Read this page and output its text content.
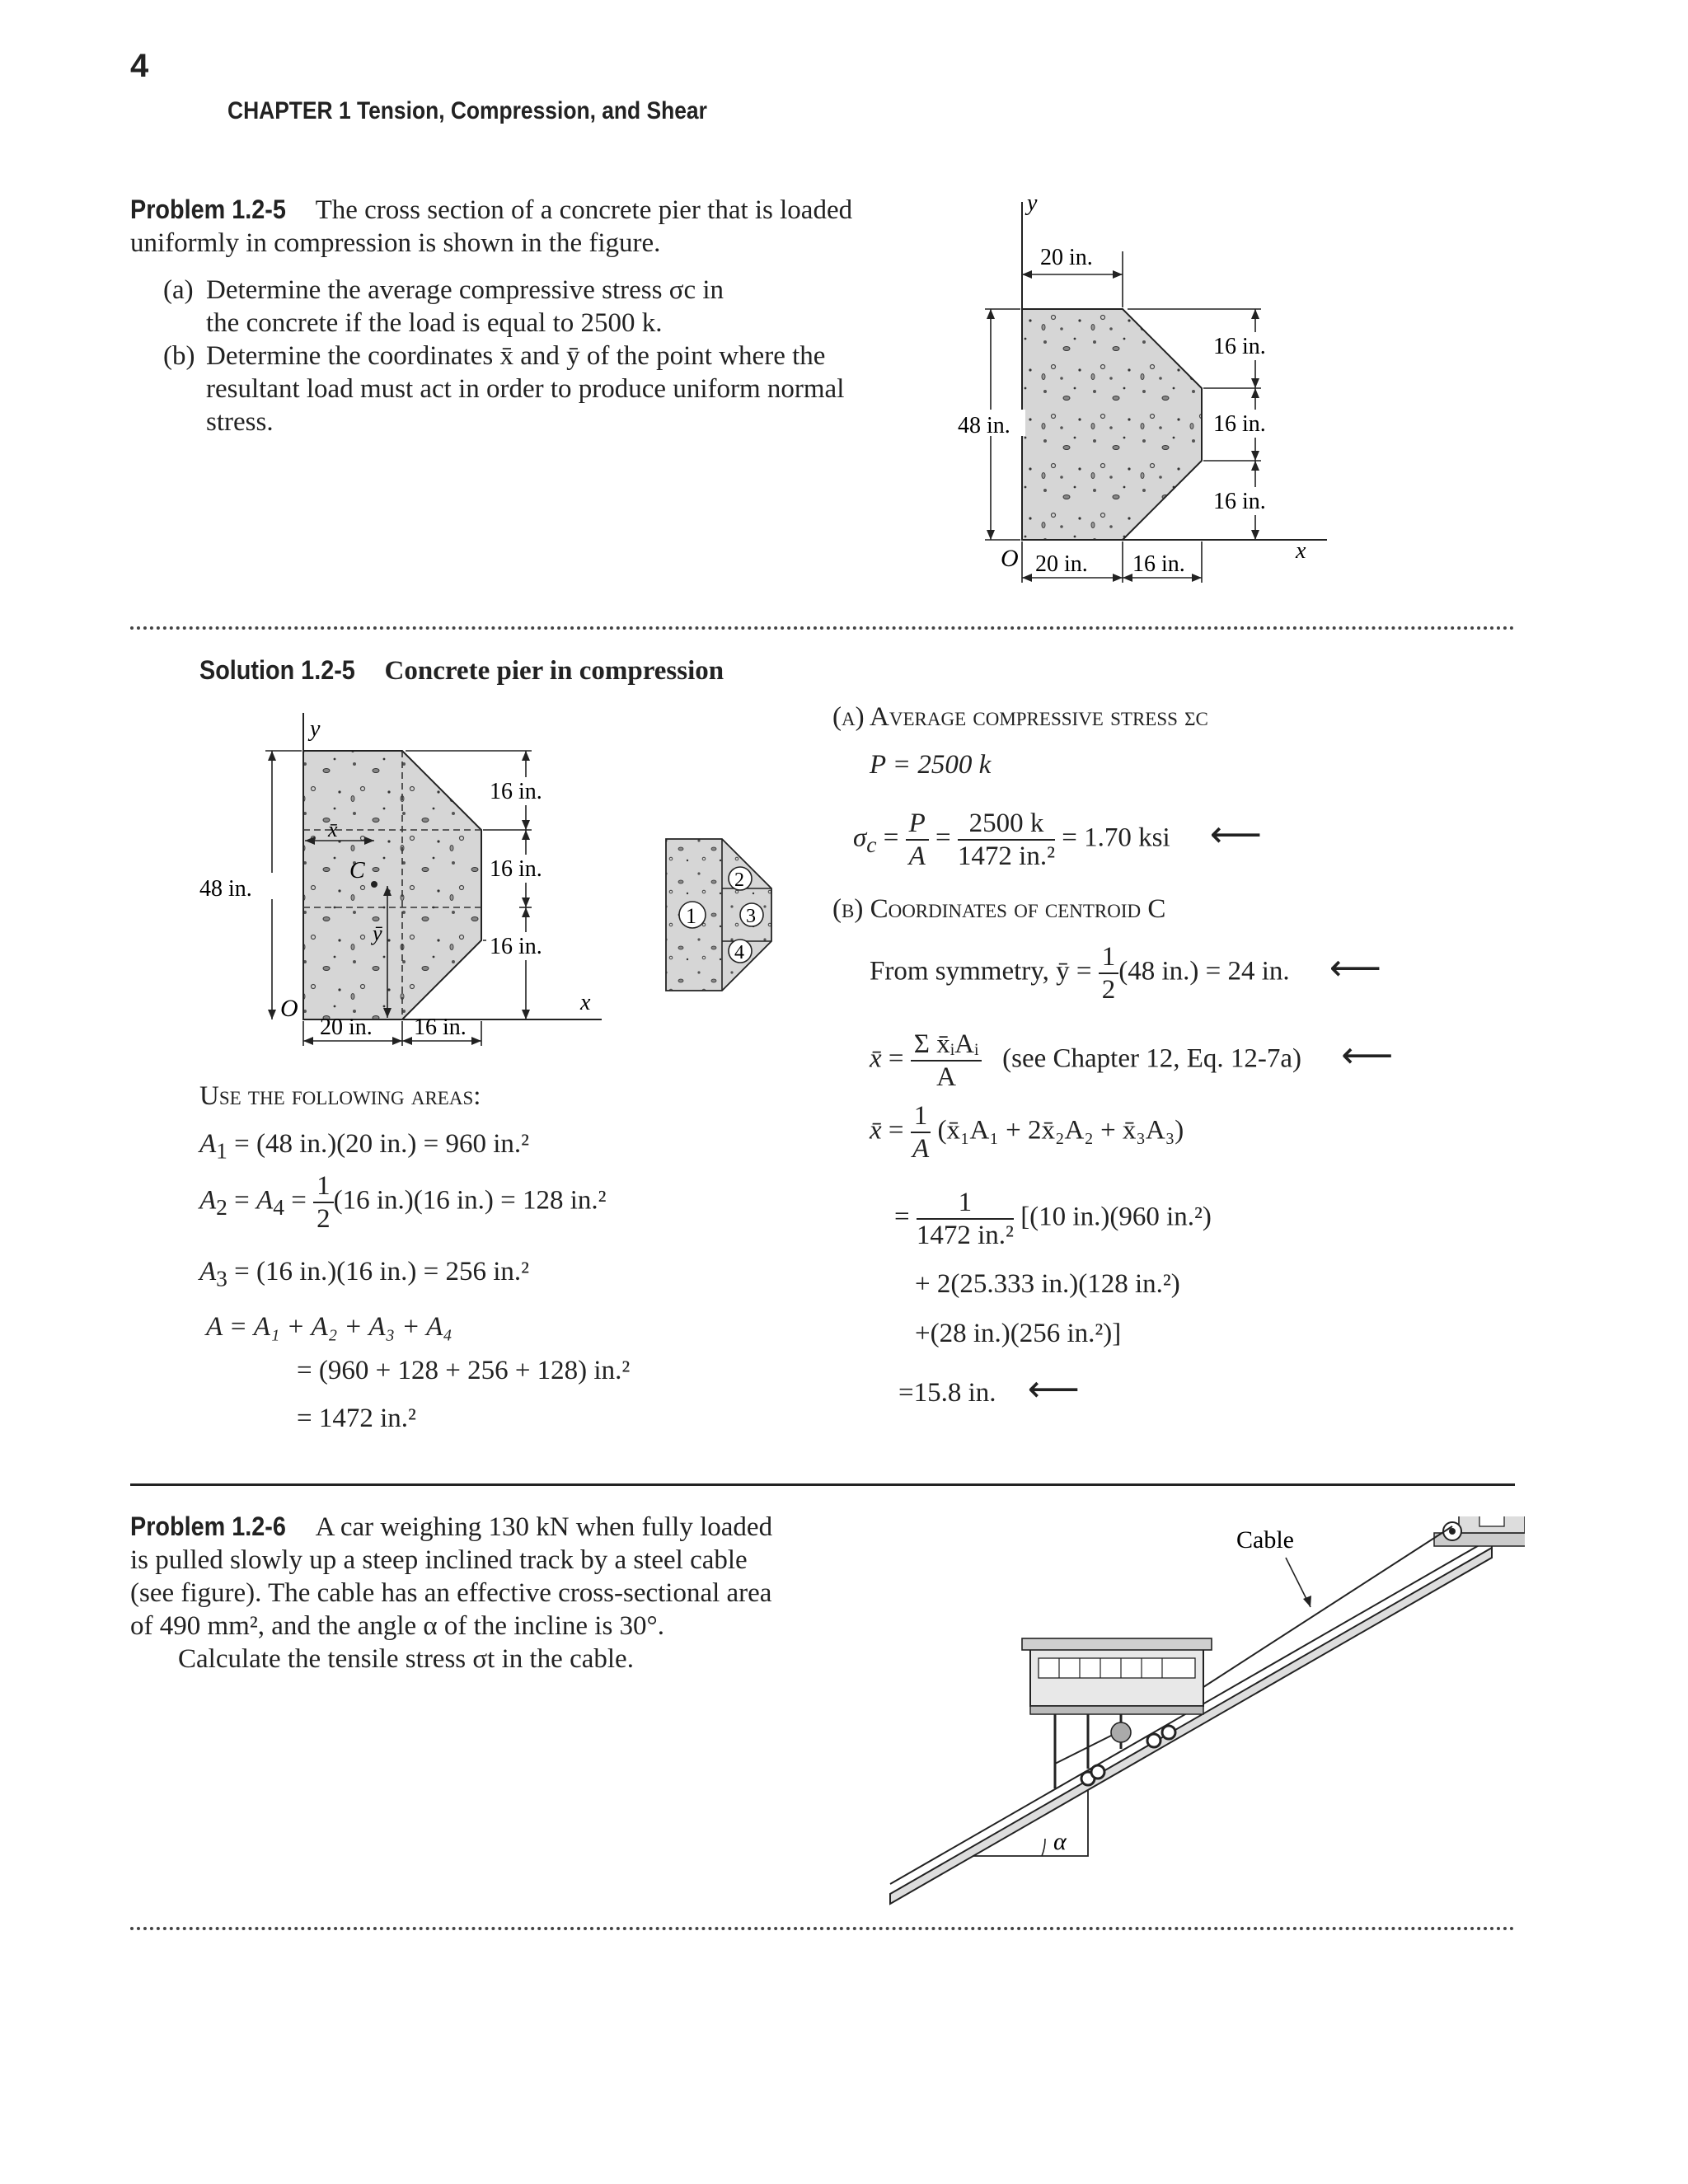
4
CHAPTER 1 Tension, Compression, and Shear
Problem 1.2-5 The cross section of a concrete pier that is loaded
uniformly in compression is shown in the figure.
(a) Determine the average compressive stress σc in
the concrete if the load is equal to 2500 k.
(b) Determine the coordinates x̄ and ȳ of the point where the
resultant load must act in order to produce uniform normal
stress.
y
x
O
20 in.
48 in.
16 in.
16 in.
16 in.
20 in. 16 in.
Solution 1.2-5 Concrete pier in compression
y
x
O
x̄
C
ȳ
48 in.
16 in.
16 in.
16 in.
20 in. 16 in.
1
2
3
4
Use the following areas:
$A_1 = (48$ in.)(20 in.) = 960 in.²
$A_2 = A_4 = \frac{1}{2} (16$ in.)(16 in.) = 128 in.²
$A_3 = (16$ in.)(16 in.) = 256 in.²
A = A₁ + A₂ + A₃ + A₄
= (960 + 128 + 256 + 128) in.²
= 1472 in.²
(a) Average compressive stress σc
P = 2500 k
$\sigma_c = \frac{P}{A} = \frac{2500 k}{\text{1472 in.²}} = 1.70$ ksi ⟵
(b) Coordinates of centroid C
From symmetry, ȳ = $\frac{1}{2} (48$ in.) = 24 in. ⟵
x̄ = $\frac{\text{Σ x̄ᵢAᵢ}}{A} (see$ Chapter 12, Eq. 12-7a) ⟵
x̄ = $\frac{1}{A}$ (x̄₁A₁ + 2x̄₂A₂ + x̄₃A₃)
= $\frac{1}{\text{1472 in.²}} [(10$ in.)(960 in.²)
+ 2(25.333 in.)(128 in.²)
+(28 in.)(256 in.²)]
=15.8 in. ⟵
Problem 1.2-6 A car weighing 130 kN when fully loaded
is pulled slowly up a steep inclined track by a steel cable
(see figure). The cable has an effective cross-sectional area
of 490 mm², and the angle α of the incline is 30°.
Calculate the tensile stress σt in the cable.
Cable
α
